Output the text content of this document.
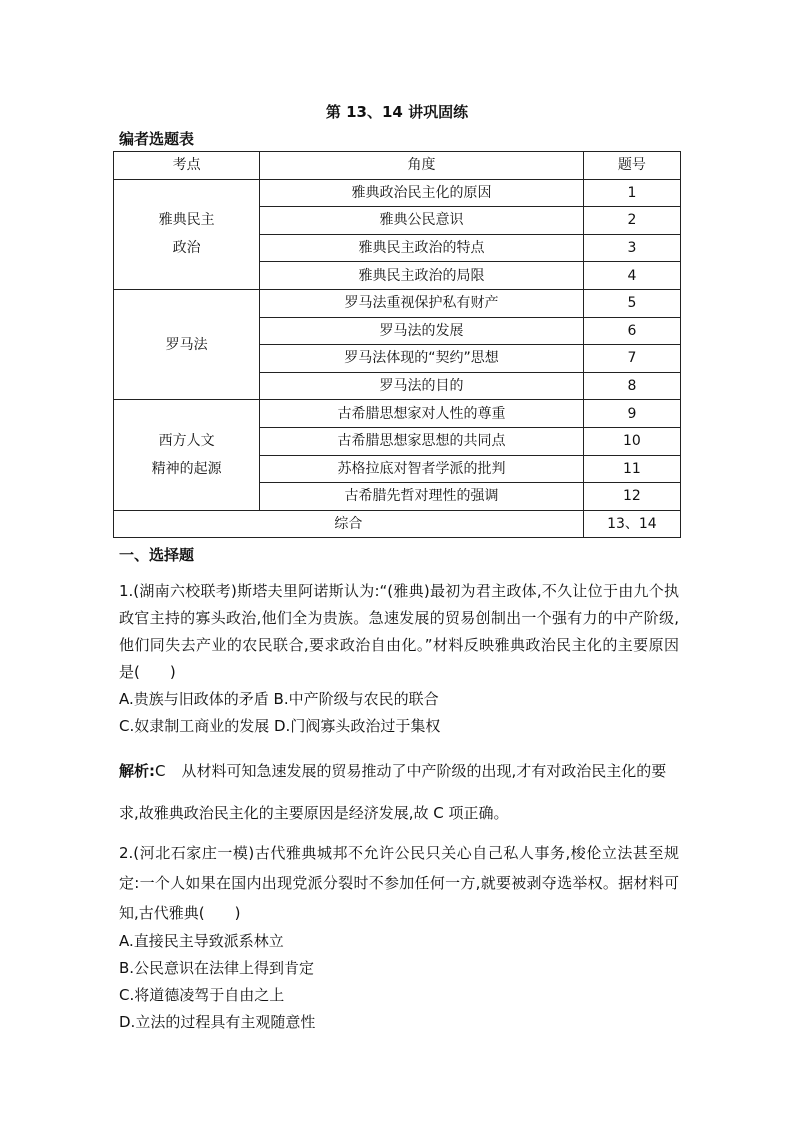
第 13、14 讲巩固练
编者选题表
考点	角度	题号

雅典民主
政治	雅典政治民主化的原因	1
	雅典公民意识	2
	雅典民主政治的特点	3
	雅典民主政治的局限	4

罗马法	罗马法重视保护私有财产	5
	罗马法的发展	6
	罗马法体现的“契约”思想	7
	罗马法的目的	8

西方人文
精神的起源	古希腊思想家对人性的尊重	9
	古希腊思想家思想的共同点	10
	苏格拉底对智者学派的批判	11
	古希腊先哲对理性的强调	12
综合		13、14
一、选择题

1.(湖南六校联考)斯塔夫里阿诺斯认为:“(雅典)最初为君主政体,不久让位于由九个执政官主持的寡头政治,他们全为贵族。急速发展的贸易创制出一个强有力的中产阶级,他们同失去产业的农民联合,要求政治自由化。”材料反映雅典政治民主化的主要原因是(　　)

A.贵族与旧政体的矛盾 B.中产阶级与农民的联合

C.奴隶制工商业的发展 D.门阀寡头政治过于集权

解析:C 从材料可知急速发展的贸易推动了中产阶级的出现,才有对政治民主化的要求,故雅典政治民主化的主要原因是经济发展,故 C 项正确。

2.(河北石家庄一模)古代雅典城邦不允许公民只关心自己私人事务,梭伦立法甚至规定:一个人如果在国内出现党派分裂时不参加任何一方,就要被剥夺选举权。据材料可知,古代雅典(　　)

A.直接民主导致派系林立

B.公民意识在法律上得到肯定

C.将道德凌驾于自由之上

D.立法的过程具有主观随意性
